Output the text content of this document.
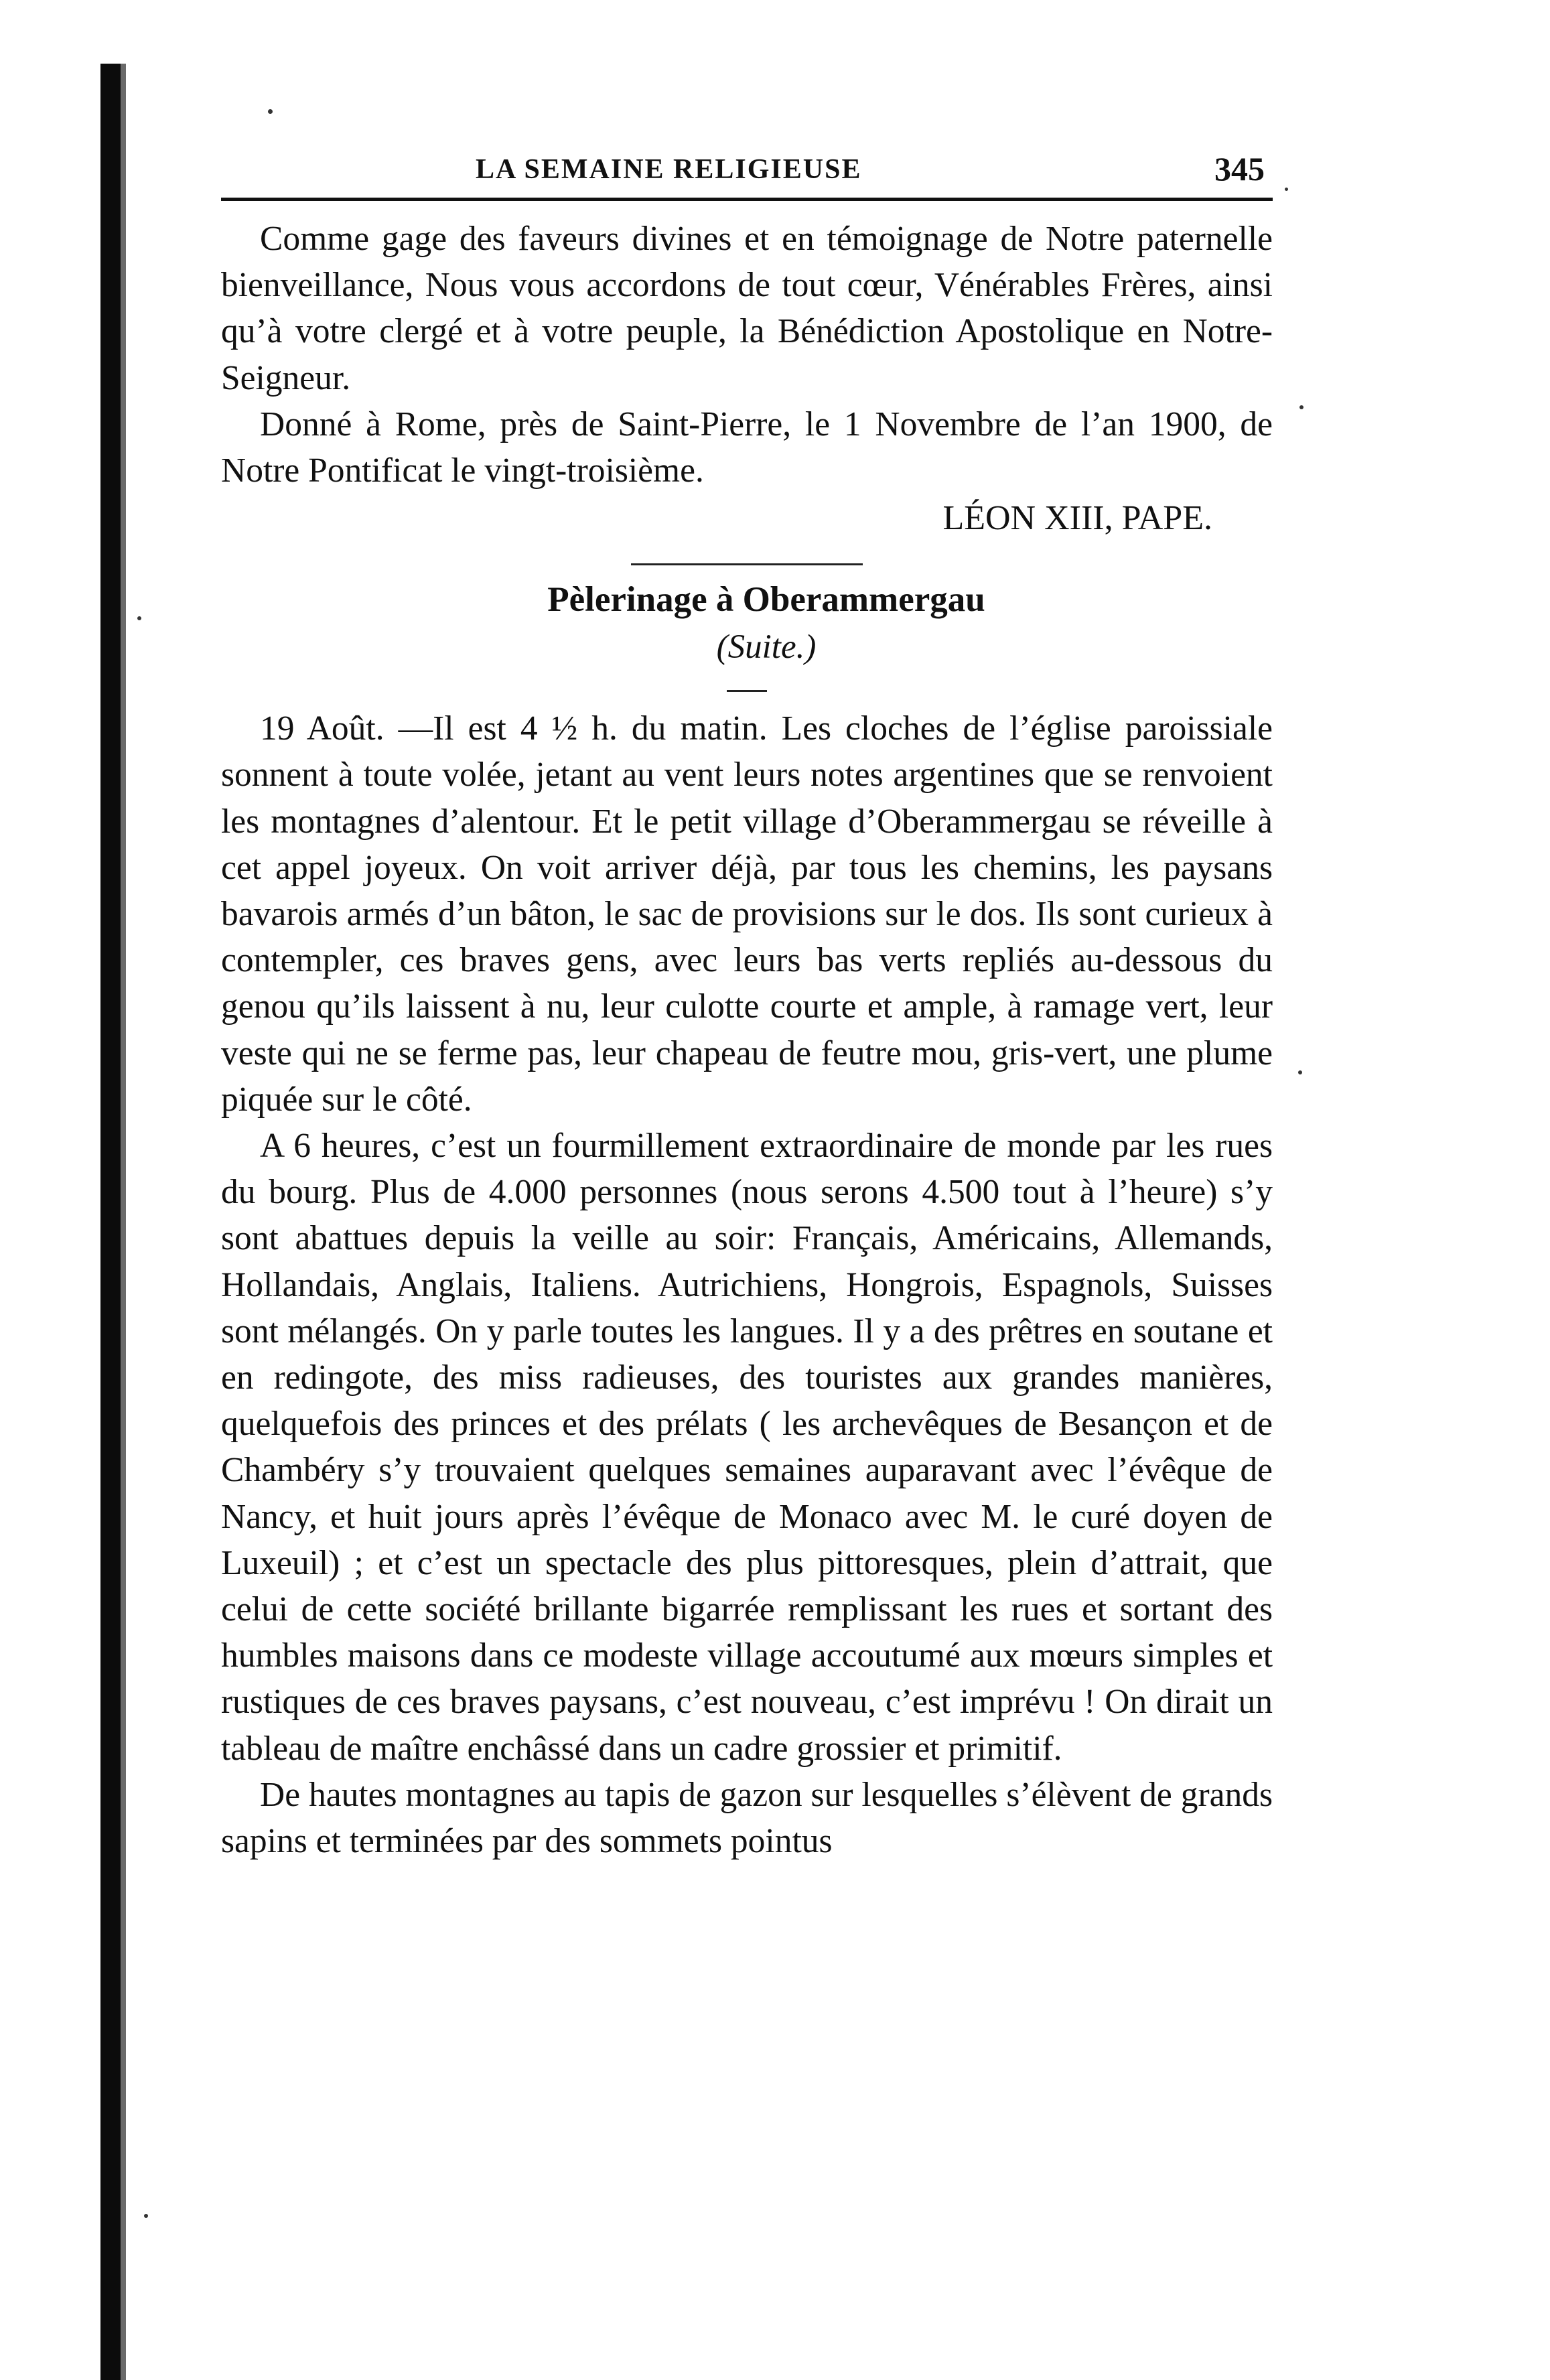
LA SEMAINE RELIGIEUSE	345

Comme gage des faveurs divines et en témoignage de Notre paternelle bienveillance, Nous vous accordons de tout cœur, Vénérables Frères, ainsi qu’à votre clergé et à votre peuple, la Bénédiction Apostolique en Notre-Seigneur.

Donné à Rome, près de Saint-Pierre, le 1 Novembre de l’an 1900, de Notre Pontificat le vingt-troisième.

LÉON XIII, PAPE.

Pèlerinage à Oberammergau

(Suite.)

19 Août. —Il est 4 ½ h. du matin. Les cloches de l’église paroissiale sonnent à toute volée, jetant au vent leurs notes argentines que se renvoient les montagnes d’alentour. Et le petit village d’Oberammergau se réveille à cet appel joyeux. On voit arriver déjà, par tous les chemins, les paysans bavarois armés d’un bâton, le sac de provisions sur le dos. Ils sont curieux à contempler, ces braves gens, avec leurs bas verts repliés au-dessous du genou qu’ils laissent à nu, leur culotte courte et ample, à ramage vert, leur veste qui ne se ferme pas, leur chapeau de feutre mou, gris-vert, une plume piquée sur le côté.

A 6 heures, c’est un fourmillement extraordinaire de monde par les rues du bourg. Plus de 4.000 personnes (nous serons 4.500 tout à l’heure) s’y sont abattues depuis la veille au soir: Français, Américains, Allemands, Hollandais, Anglais, Italiens. Autrichiens, Hongrois, Espagnols, Suisses sont mélangés. On y parle toutes les langues. Il y a des prêtres en soutane et en redingote, des miss radieuses, des touristes aux grandes manières, quelquefois des princes et des prélats ( les archevêques de Besançon et de Chambéry s’y trouvaient quelques semaines auparavant avec l’évêque de Nancy, et huit jours après l’évêque de Monaco avec M. le curé doyen de Luxeuil) ; et c’est un spectacle des plus pittoresques, plein d’attrait, que celui de cette société brillante bigarrée remplissant les rues et sortant des humbles maisons dans ce modeste village accoutumé aux mœurs simples et rustiques de ces braves paysans, c’est nouveau, c’est imprévu ! On dirait un tableau de maître enchâssé dans un cadre grossier et primitif.

De hautes montagnes au tapis de gazon sur lesquelles s’élèvent de grands sapins et terminées par des sommets pointus
